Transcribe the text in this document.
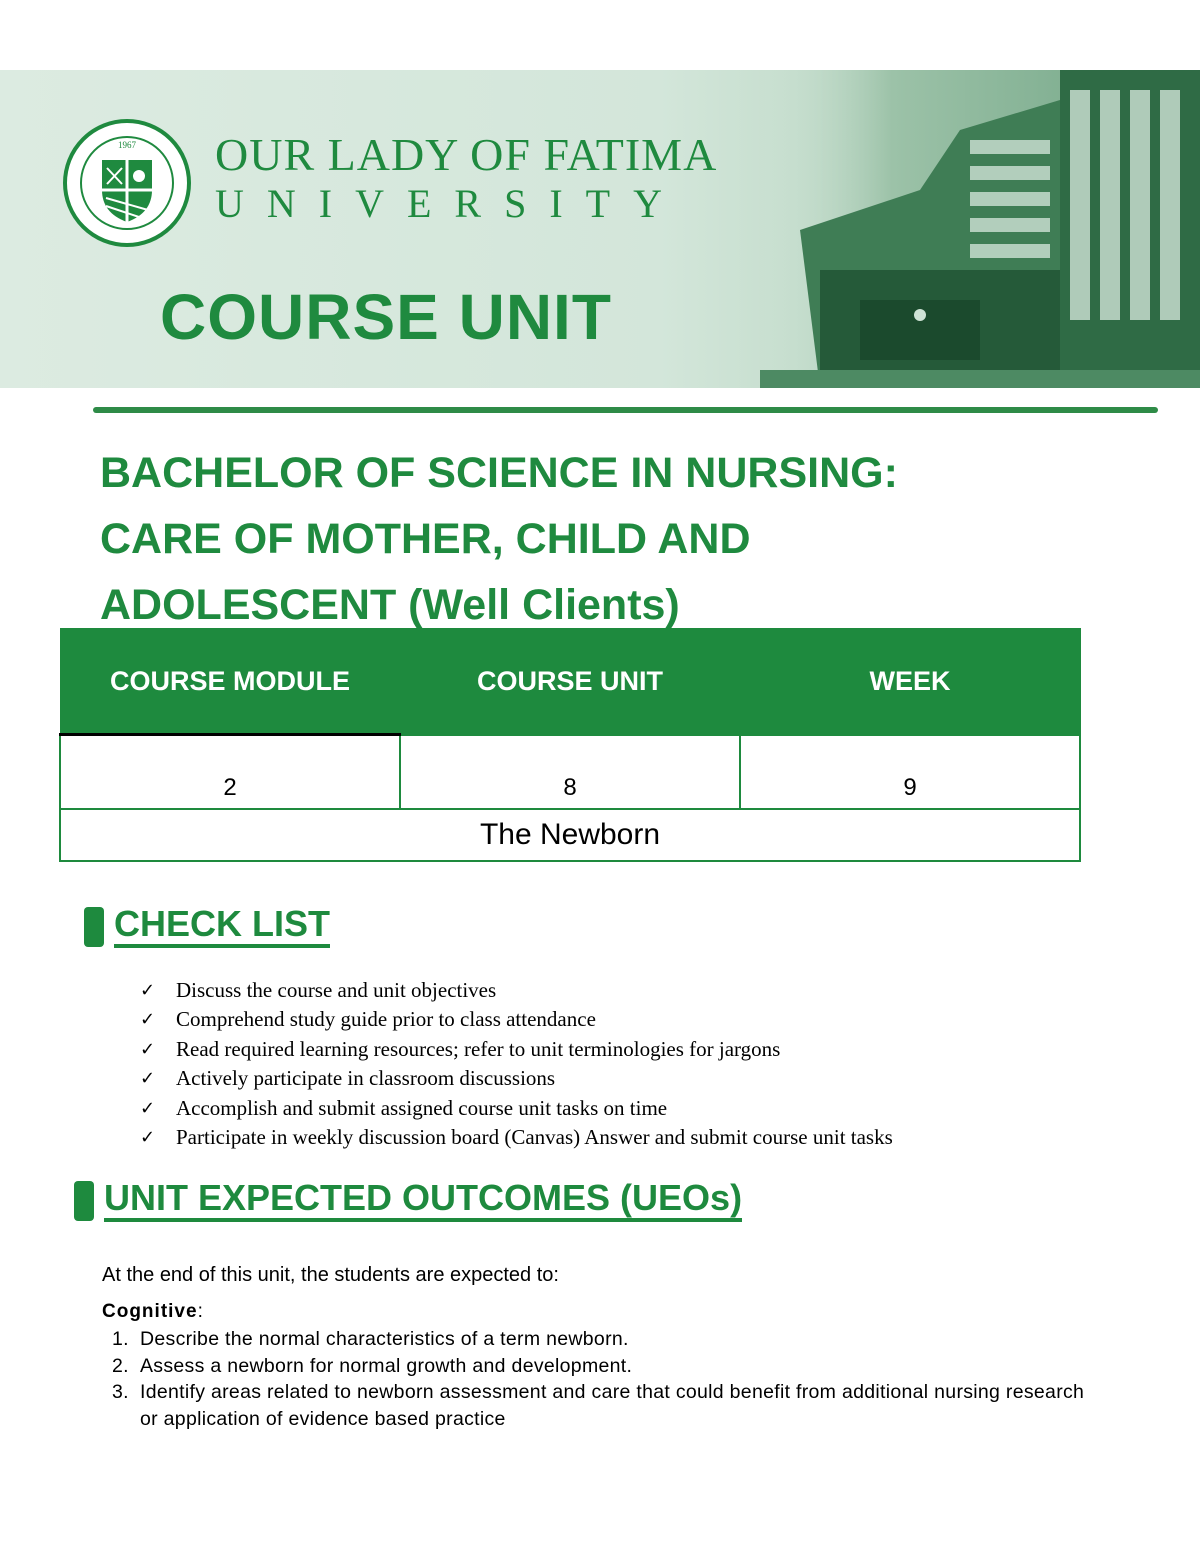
1967 OUR LADY OF FATIMA
UNIVERSITY
COURSE UNIT
BACHELOR OF SCIENCE IN NURSING:
CARE OF MOTHER, CHILD AND
ADOLESCENT (Well Clients)
COURSE MODULE	COURSE UNIT	WEEK
2	8	9
The Newborn		
CHECK LIST
✓ Discuss the course and unit objectives
✓ Comprehend study guide prior to class attendance
✓ Read required learning resources; refer to unit terminologies for jargons
✓ Actively participate in classroom discussions
✓ Accomplish and submit assigned course unit tasks on time
✓ Participate in weekly discussion board (Canvas) Answer and submit course unit tasks
UNIT EXPECTED OUTCOMES (UEOs)
At the end of this unit, the students are expected to:
Cognitive:
1. Describe the normal characteristics of a term newborn.
2. Assess a newborn for normal growth and development.
3. Identify areas related to newborn assessment and care that could benefit from additional nursing research or application of evidence based practice
